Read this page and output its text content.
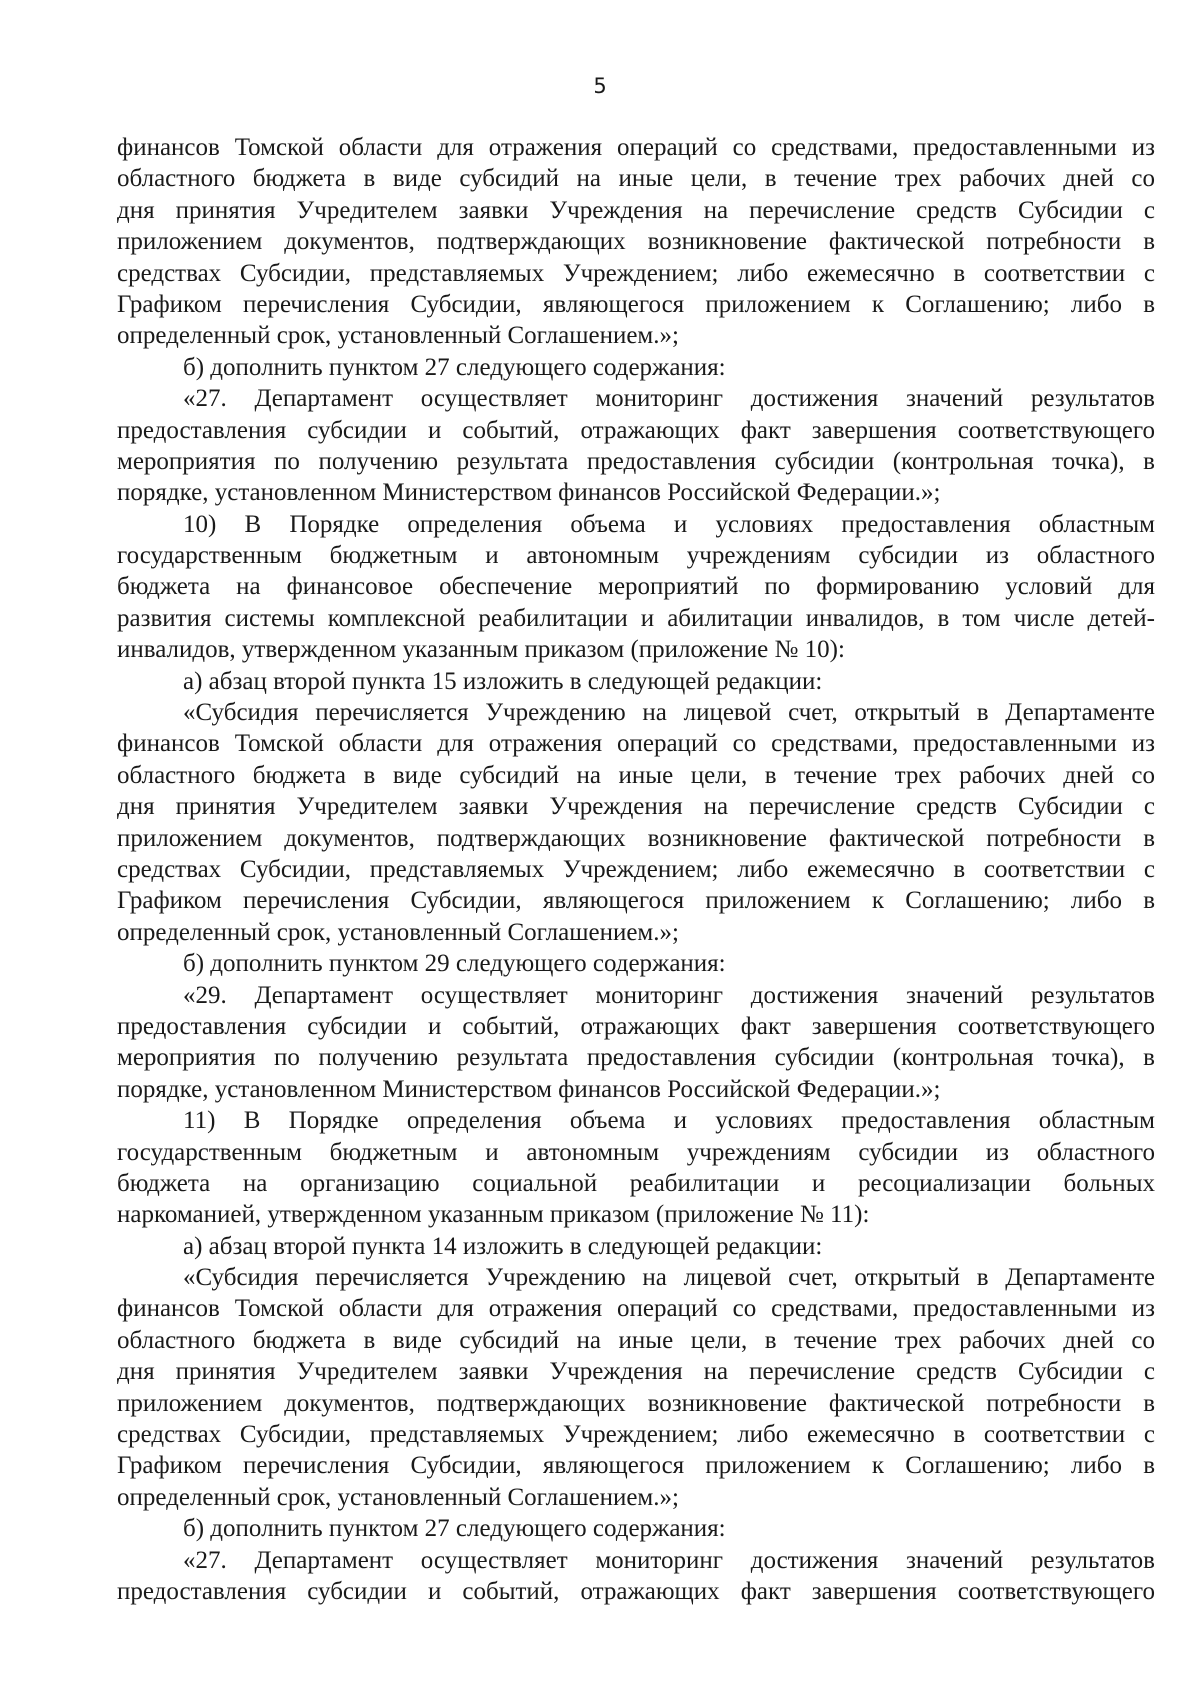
5
финансов Томской области для отражения операций со средствами, предоставленными из
областного бюджета в виде субсидий на иные цели, в течение трех рабочих дней со
дня принятия Учредителем заявки Учреждения на перечисление средств Субсидии с
приложением документов, подтверждающих возникновение фактической потребности в
средствах Субсидии, представляемых Учреждением; либо ежемесячно в соответствии с
Графиком перечисления Субсидии, являющегося приложением к Соглашению; либо в
определенный срок, установленный Соглашением.»;
б) дополнить пунктом 27 следующего содержания:
«27. Департамент осуществляет мониторинг достижения значений результатов
предоставления субсидии и событий, отражающих факт завершения соответствующего
мероприятия по получению результата предоставления субсидии (контрольная точка), в
порядке, установленном Министерством финансов Российской Федерации.»;
10) В Порядке определения объема и условиях предоставления областным
государственным бюджетным и автономным учреждениям субсидии из областного
бюджета на финансовое обеспечение мероприятий по формированию условий для
развития системы комплексной реабилитации и абилитации инвалидов, в том числе детей-
инвалидов, утвержденном указанным приказом (приложение № 10):
а) абзац второй пункта 15 изложить в следующей редакции:
«Субсидия перечисляется Учреждению на лицевой счет, открытый в Департаменте
финансов Томской области для отражения операций со средствами, предоставленными из
областного бюджета в виде субсидий на иные цели, в течение трех рабочих дней со
дня принятия Учредителем заявки Учреждения на перечисление средств Субсидии с
приложением документов, подтверждающих возникновение фактической потребности в
средствах Субсидии, представляемых Учреждением; либо ежемесячно в соответствии с
Графиком перечисления Субсидии, являющегося приложением к Соглашению; либо в
определенный срок, установленный Соглашением.»;
б) дополнить пунктом 29 следующего содержания:
«29. Департамент осуществляет мониторинг достижения значений результатов
предоставления субсидии и событий, отражающих факт завершения соответствующего
мероприятия по получению результата предоставления субсидии (контрольная точка), в
порядке, установленном Министерством финансов Российской Федерации.»;
11) В Порядке определения объема и условиях предоставления областным
государственным бюджетным и автономным учреждениям субсидии из областного
бюджета на организацию социальной реабилитации и ресоциализации больных
наркоманией, утвержденном указанным приказом (приложение № 11):
а) абзац второй пункта 14 изложить в следующей редакции:
«Субсидия перечисляется Учреждению на лицевой счет, открытый в Департаменте
финансов Томской области для отражения операций со средствами, предоставленными из
областного бюджета в виде субсидий на иные цели, в течение трех рабочих дней со
дня принятия Учредителем заявки Учреждения на перечисление средств Субсидии с
приложением документов, подтверждающих возникновение фактической потребности в
средствах Субсидии, представляемых Учреждением; либо ежемесячно в соответствии с
Графиком перечисления Субсидии, являющегося приложением к Соглашению; либо в
определенный срок, установленный Соглашением.»;
б) дополнить пунктом 27 следующего содержания:
«27. Департамент осуществляет мониторинг достижения значений результатов
предоставления субсидии и событий, отражающих факт завершения соответствующего
